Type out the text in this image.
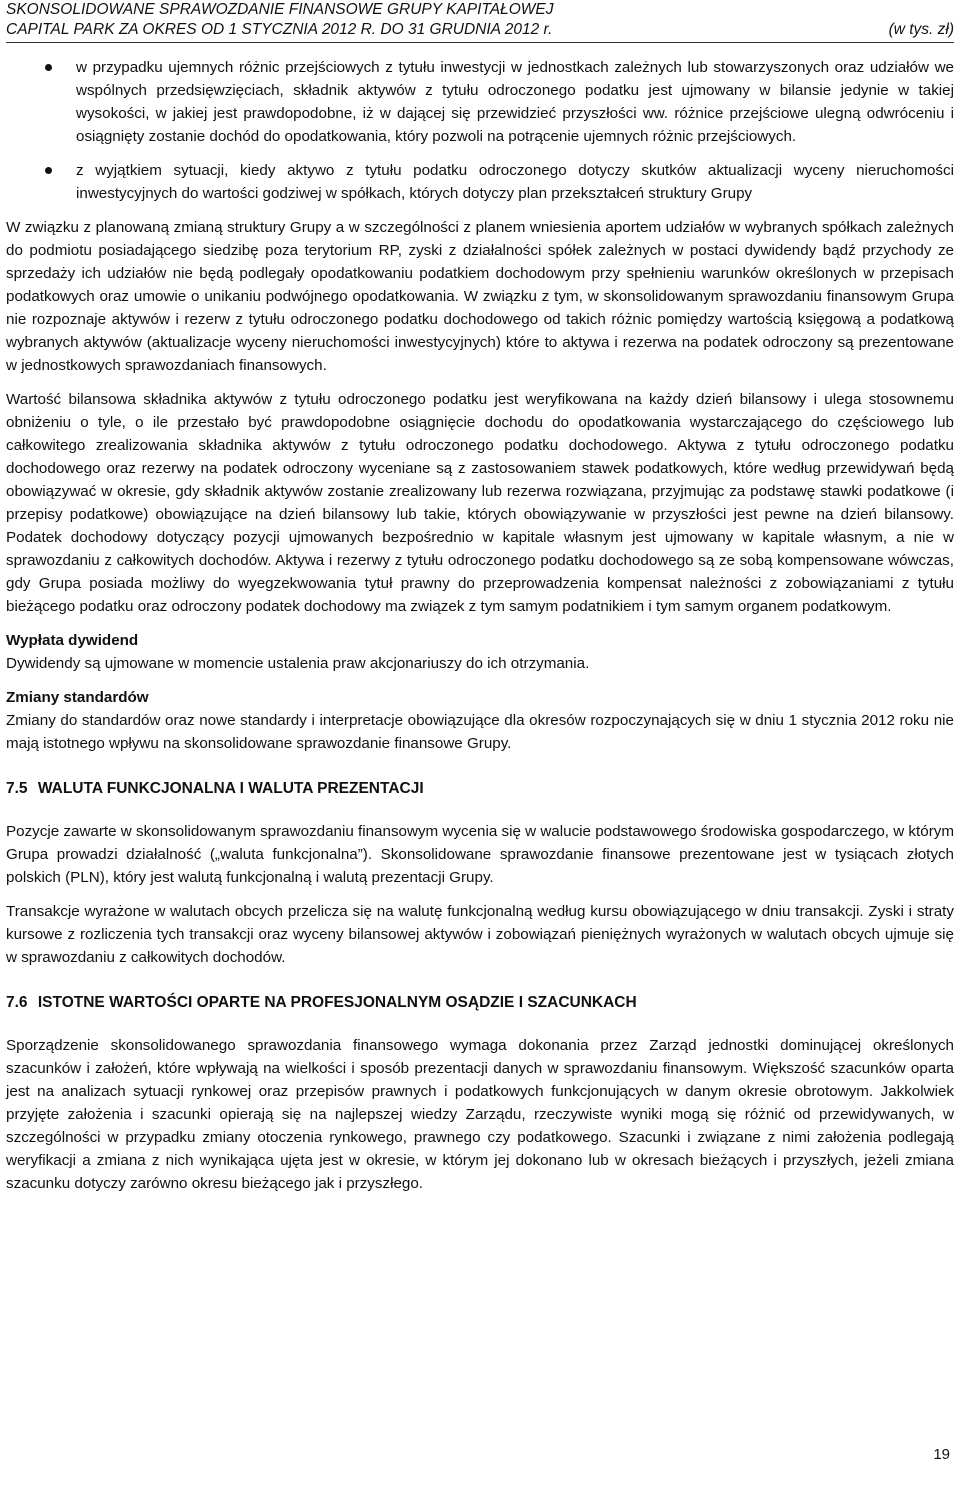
SKONSOLIDOWANE SPRAWOZDANIE FINANSOWE GRUPY KAPITAŁOWEJ
CAPITAL PARK ZA OKRES OD 1 STYCZNIA 2012 R. DO 31 GRUDNIA 2012 r.	(w tys. zł)
w przypadku ujemnych różnic przejściowych z tytułu inwestycji w jednostkach zależnych lub stowarzyszonych oraz udziałów we wspólnych przedsięwzięciach, składnik aktywów z tytułu odroczonego podatku jest ujmowany w bilansie jedynie w takiej wysokości, w jakiej jest prawdopodobne, iż w dającej się przewidzieć przyszłości ww. różnice przejściowe ulegną odwróceniu i osiągnięty zostanie dochód do opodatkowania, który pozwoli na potrącenie ujemnych różnic przejściowych.
z wyjątkiem sytuacji, kiedy aktywo z tytułu podatku odroczonego dotyczy skutków aktualizacji wyceny nieruchomości inwestycyjnych do wartości godziwej w spółkach, których dotyczy plan przekształceń struktury Grupy

W związku z planowaną zmianą struktury Grupy a w szczególności z planem wniesienia aportem udziałów w wybranych spółkach zależnych do podmiotu posiadającego siedzibę poza terytorium RP, zyski z działalności spółek zależnych w postaci dywidendy bądź przychody ze sprzedaży ich udziałów nie będą podlegały opodatkowaniu podatkiem dochodowym przy spełnieniu warunków określonych w przepisach podatkowych oraz umowie o unikaniu podwójnego opodatkowania. W związku z tym, w skonsolidowanym sprawozdaniu finansowym Grupa nie rozpoznaje aktywów i rezerw z tytułu odroczonego podatku dochodowego od takich różnic pomiędzy wartością księgową a podatkową wybranych aktywów (aktualizacje wyceny nieruchomości inwestycyjnych) które to aktywa i rezerwa na podatek odroczony są prezentowane w jednostkowych sprawozdaniach finansowych.

Wartość bilansowa składnika aktywów z tytułu odroczonego podatku jest weryfikowana na każdy dzień bilansowy i ulega stosownemu obniżeniu o tyle, o ile przestało być prawdopodobne osiągnięcie dochodu do opodatkowania wystarczającego do częściowego lub całkowitego zrealizowania składnika aktywów z tytułu odroczonego podatku dochodowego. Aktywa z tytułu odroczonego podatku dochodowego oraz rezerwy na podatek odroczony wyceniane są z zastosowaniem stawek podatkowych, które według przewidywań będą obowiązywać w okresie, gdy składnik aktywów zostanie zrealizowany lub rezerwa rozwiązana, przyjmując za podstawę stawki podatkowe (i przepisy podatkowe) obowiązujące na dzień bilansowy lub takie, których obowiązywanie w przyszłości jest pewne na dzień bilansowy. Podatek dochodowy dotyczący pozycji ujmowanych bezpośrednio w kapitale własnym jest ujmowany w kapitale własnym, a nie w sprawozdaniu z całkowitych dochodów. Aktywa i rezerwy z tytułu odroczonego podatku dochodowego są ze sobą kompensowane wówczas, gdy Grupa posiada możliwy do wyegzekwowania tytuł prawny do przeprowadzenia kompensat należności z zobowiązaniami z tytułu bieżącego podatku oraz odroczony podatek dochodowy ma związek z tym samym podatnikiem i tym samym organem podatkowym.

Wypłata dywidend

Dywidendy są ujmowane w momencie ustalenia praw akcjonariuszy do ich otrzymania.

Zmiany standardów

Zmiany do standardów oraz nowe standardy i interpretacje obowiązujące dla okresów rozpoczynających się w dniu 1 stycznia 2012 roku nie mają istotnego wpływu na skonsolidowane sprawozdanie finansowe Grupy.

7.5 WALUTA FUNKCJONALNA I WALUTA PREZENTACJI

Pozycje zawarte w skonsolidowanym sprawozdaniu finansowym wycenia się w walucie podstawowego środowiska gospodarczego, w którym Grupa prowadzi działalność („waluta funkcjonalna”). Skonsolidowane sprawozdanie finansowe prezentowane jest w tysiącach złotych polskich (PLN), który jest walutą funkcjonalną i walutą prezentacji Grupy.

Transakcje wyrażone w walutach obcych przelicza się na walutę funkcjonalną według kursu obowiązującego w dniu transakcji. Zyski i straty kursowe z rozliczenia tych transakcji oraz wyceny bilansowej aktywów i zobowiązań pieniężnych wyrażonych w walutach obcych ujmuje się w sprawozdaniu z całkowitych dochodów.

7.6 ISTOTNE WARTOŚCI OPARTE NA PROFESJONALNYM OSĄDZIE I SZACUNKACH

Sporządzenie skonsolidowanego sprawozdania finansowego wymaga dokonania przez Zarząd jednostki dominującej określonych szacunków i założeń, które wpływają na wielkości i sposób prezentacji danych w sprawozdaniu finansowym. Większość szacunków oparta jest na analizach sytuacji rynkowej oraz przepisów prawnych i podatkowych funkcjonujących w danym okresie obrotowym. Jakkolwiek przyjęte założenia i szacunki opierają się na najlepszej wiedzy Zarządu, rzeczywiste wyniki mogą się różnić od przewidywanych, w szczególności w przypadku zmiany otoczenia rynkowego, prawnego czy podatkowego. Szacunki i związane z nimi założenia podlegają weryfikacji a zmiana z nich wynikająca ujęta jest w okresie, w którym jej dokonano lub w okresach bieżących i przyszłych, jeżeli zmiana szacunku dotyczy zarówno okresu bieżącego jak i przyszłego.

19
